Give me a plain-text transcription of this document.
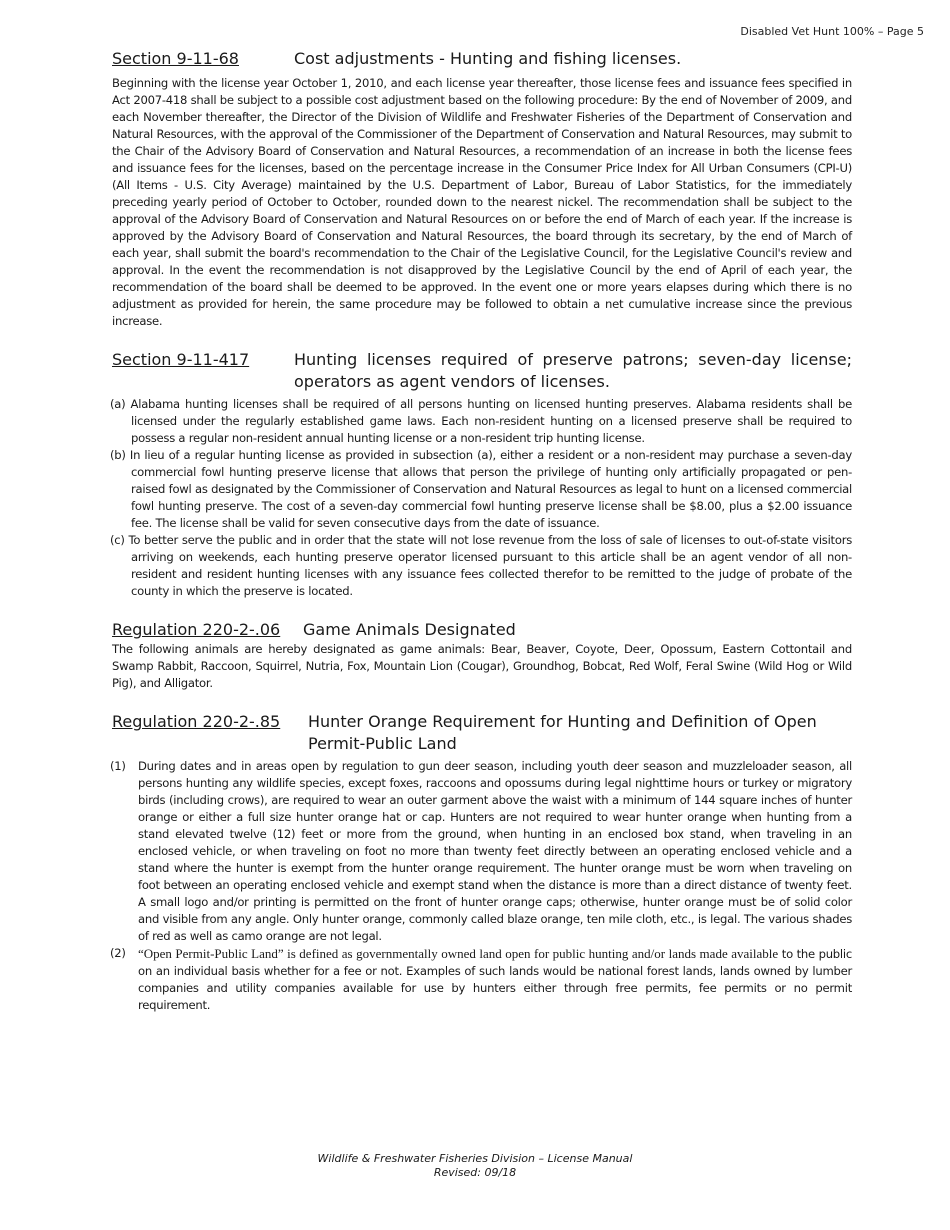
Disabled Vet Hunt 100% – Page 5
Section 9-11-68	Cost adjustments - Hunting and fishing licenses.

Beginning with the license year October 1, 2010, and each license year thereafter, those license fees and issuance fees specified in Act 2007-418 shall be subject to a possible cost adjustment based on the following procedure: By the end of November of 2009, and each November thereafter, the Director of the Division of Wildlife and Freshwater Fisheries of the Department of Conservation and Natural Resources, with the approval of the Commissioner of the Department of Conservation and Natural Resources, may submit to the Chair of the Advisory Board of Conservation and Natural Resources, a recommendation of an increase in both the license fees and issuance fees for the licenses, based on the percentage increase in the Consumer Price Index for All Urban Consumers (CPI-U) (All Items - U.S. City Average) maintained by the U.S. Department of Labor, Bureau of Labor Statistics, for the immediately preceding yearly period of October to October, rounded down to the nearest nickel. The recommendation shall be subject to the approval of the Advisory Board of Conservation and Natural Resources on or before the end of March of each year. If the increase is approved by the Advisory Board of Conservation and Natural Resources, the board through its secretary, by the end of March of each year, shall submit the board's recommendation to the Chair of the Legislative Council, for the Legislative Council's review and approval. In the event the recommendation is not disapproved by the Legislative Council by the end of April of each year, the recommendation of the board shall be deemed to be approved. In the event one or more years elapses during which there is no adjustment as provided for herein, the same procedure may be followed to obtain a net cumulative increase since the previous increase.

Section 9-11-417	Hunting licenses required of preserve patrons; seven-day license; operators as agent vendors of licenses.
(a) Alabama hunting licenses shall be required of all persons hunting on licensed hunting preserves. Alabama residents shall be licensed under the regularly established game laws. Each non-resident hunting on a licensed preserve shall be required to possess a regular non-resident annual hunting license or a non-resident trip hunting license.
(b) In lieu of a regular hunting license as provided in subsection (a), either a resident or a non-resident may purchase a seven-day commercial fowl hunting preserve license that allows that person the privilege of hunting only artificially propagated or pen-raised fowl as designated by the Commissioner of Conservation and Natural Resources as legal to hunt on a licensed commercial fowl hunting preserve. The cost of a seven-day commercial fowl hunting preserve license shall be $8.00, plus a $2.00 issuance fee. The license shall be valid for seven consecutive days from the date of issuance.
(c) To better serve the public and in order that the state will not lose revenue from the loss of sale of licenses to out-of-state visitors arriving on weekends, each hunting preserve operator licensed pursuant to this article shall be an agent vendor of all non-resident and resident hunting licenses with any issuance fees collected therefor to be remitted to the judge of probate of the county in which the preserve is located.
Regulation 220-2-.06	Game Animals Designated

The following animals are hereby designated as game animals: Bear, Beaver, Coyote, Deer, Opossum, Eastern Cottontail and Swamp Rabbit, Raccoon, Squirrel, Nutria, Fox, Mountain Lion (Cougar), Groundhog, Bobcat, Red Wolf, Feral Swine (Wild Hog or Wild Pig), and Alligator.

Regulation 220-2-.85	Hunter Orange Requirement for Hunting and Definition of Open Permit-Public Land
(1)	During dates and in areas open by regulation to gun deer season, including youth deer season and muzzleloader season, all persons hunting any wildlife species, except foxes, raccoons and opossums during legal nighttime hours or turkey or migratory birds (including crows), are required to wear an outer garment above the waist with a minimum of 144 square inches of hunter orange or either a full size hunter orange hat or cap. Hunters are not required to wear hunter orange when hunting from a stand elevated twelve (12) feet or more from the ground, when hunting in an enclosed box stand, when traveling in an enclosed vehicle, or when traveling on foot no more than twenty feet directly between an operating enclosed vehicle and a stand where the hunter is exempt from the hunter orange requirement. The hunter orange must be worn when traveling on foot between an operating enclosed vehicle and exempt stand when the distance is more than a direct distance of twenty feet. A small logo and/or printing is permitted on the front of hunter orange caps; otherwise, hunter orange must be of solid color and visible from any angle. Only hunter orange, commonly called blaze orange, ten mile cloth, etc., is legal. The various shades of red as well as camo orange are not legal.
(2) “Open Permit-Public Land” is defined as governmentally owned land open for public hunting and/or lands made available to the public on an individual basis whether for a fee or not. Examples of such lands would be national forest lands, lands owned by lumber companies and utility companies available for use by hunters either through free permits, fee permits or no permit requirement.
Wildlife & Freshwater Fisheries Division – License Manual
Revised: 09/18
